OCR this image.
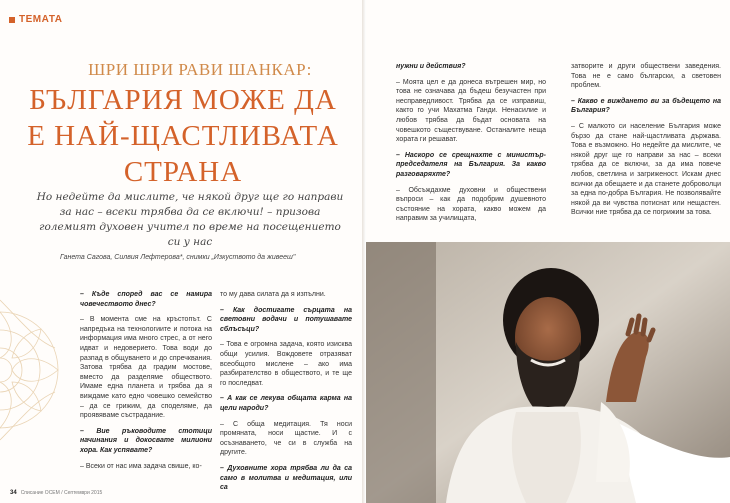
ТЕМАТА
ШРИ ШРИ РАВИ ШАНКАР:
БЪЛГАРИЯ МОЖЕ ДА Е НАЙ-ЩАСТЛИВАТА СТРАНА
Но недейте да мислите, че някой друг ще го направи за нас – всеки трябва да се включи! – призова големият духовен учител по време на посещението си у нас
Ганета Сагова, Силвия Лефтерова*, снимки „Изкуството да живееш"

– Къде според вас се намира човечеството днес?

– В момента сме на кръстопът. С напредъка на технологиите и потока на информация има много стрес, а от него идват и недоверието. Това води до разпад в общуването и до спречквания. Затова трябва да градим мостове, вместо да разделяме обществото. Имаме една планета и трябва да я виждаме като едно човешко семейство – да се грижим, да споделяме, да проявяваме състрадание.

– Вие ръководите стотици начинания и докосвате милиони хора. Как успявате?

– Всеки от нас има задача свише, ко-

то му дава силата да я изпълни.

– Как достигате сърцата на световни водачи и потушавате сблъсъци?

– Това е огромна задача, която изисква общи усилия. Вождовете отразяват всеобщото мислене – ако има разбирателство в обществото, и те ще го последват.

– А как се лекува общата карма на цели народи?

– С обща медитация. Тя носи промяната, носи щастие. И с осъзнаването, че си в служба на другите.

– Духовните хора трябва ли да са само в молитва и медитация, или са

34 Списание ОСЕМ / Септември 2015

нужни и действия?

– Моята цел е да донеса вътрешен мир, но това не означава да бъдеш безучастен при несправедливост. Трябва да се изправиш, както го учи Махатма Ганди. Ненасилие и любов трябва да бъдат основата на човешкото съществуване. Останалите неща хората ги решават.

– Наскоро се срещнахте с министър-председателя на България. За какво разговаряхте?

– Обсъждахме духовни и обществени въпроси – как да подобрим душевното състояние на хората, какво можем да направим за училищата,

затворите и други обществени заведения. Това не е само български, а световен проблем.

– Какво е виждането ви за бъдещето на България?

– С малкото си население България може бързо да стане най-щастливата държава. Това е възможно. Но недейте да мислите, че някой друг ще го направи за нас – всеки трябва да се включи, за да има повече любов, светлина и загриженост. Искам днес всички да обещаете и да станете доброволци за една по-добра България. Не позволявайте някой да ви чувства потиснат или нещастен. Всички ние трябва да се погрижим за това.
